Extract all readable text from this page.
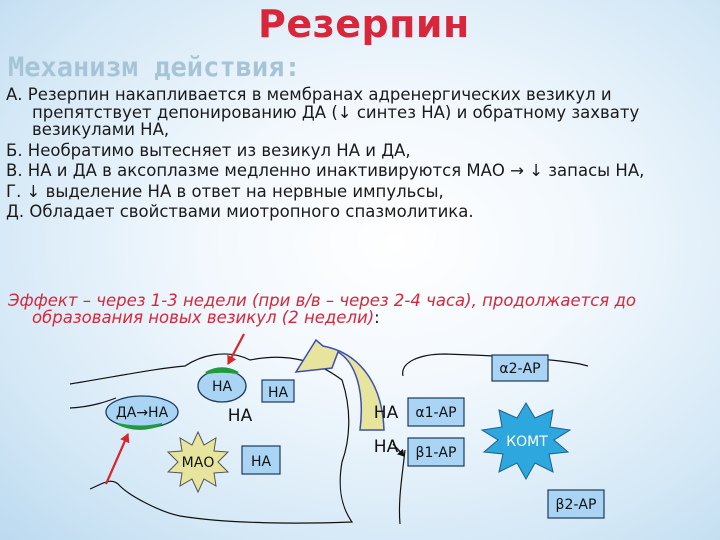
Резерпин
Механизм действия:
А. Резерпин накапливается в мембранах адренергических везикул и препятствует депонированию ДА (↓ синтез НА) и обратному захвату везикулами НА,
Б. Необратимо вытесняет из везикул НА и ДА,
В. НА и ДА в аксоплазме медленно инактивируются МАО → ↓ запасы НА,
Г. ↓ выделение НА в ответ на нервные импульсы,
Д. Обладает свойствами миотропного спазмолитика.
Эффект – через 1-3 недели (при в/в – через 2-4 часа), продолжается до образования новых везикул (2 недели):
ДА→НА
НА
НА
НА
МАО	НА
НА
НА
α2-АР
α1-АР
β1-АР
КОМТ
β2-АР
